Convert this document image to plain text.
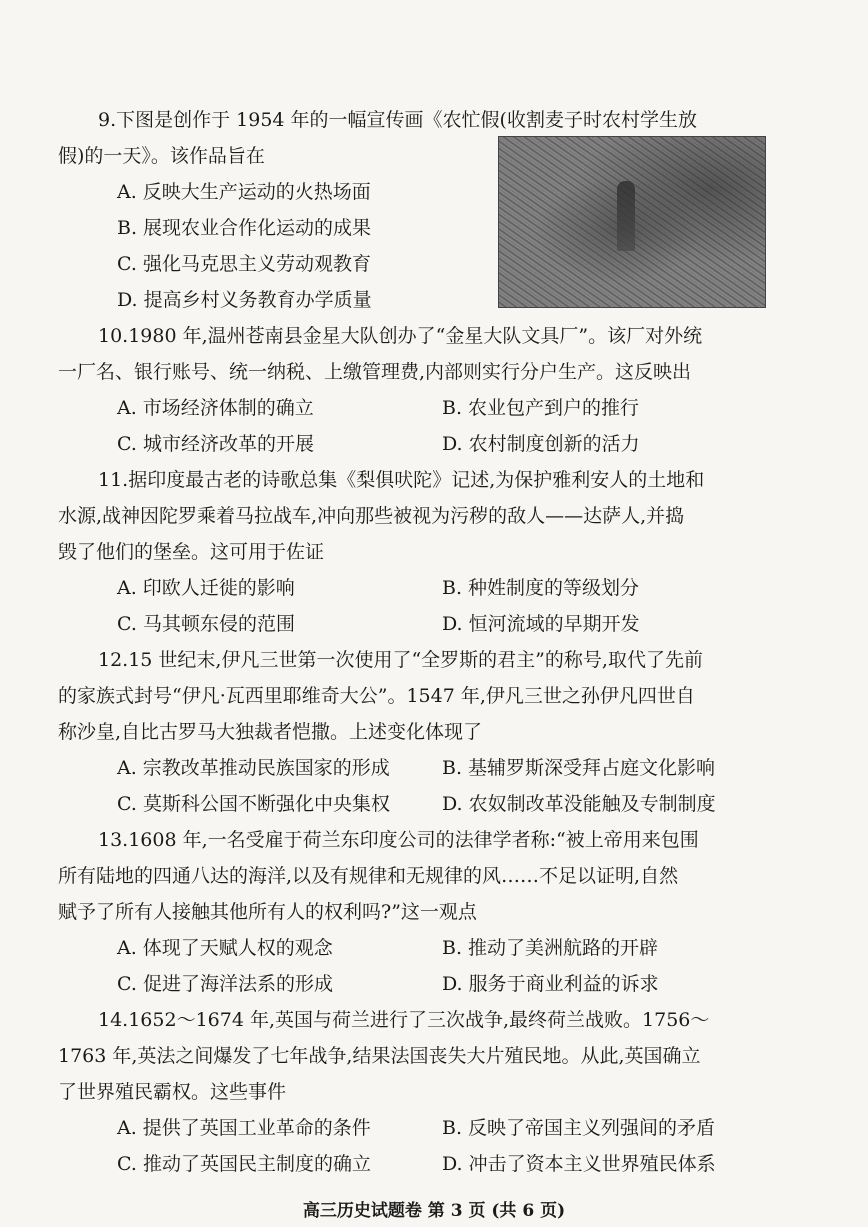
9.下图是创作于 1954 年的一幅宣传画《农忙假(收割麦子时农村学生放
假)的一天》。该作品旨在
A. 反映大生产运动的火热场面
B. 展现农业合作化运动的成果
C. 强化马克思主义劳动观教育
D. 提高乡村义务教育办学质量
10.1980 年,温州苍南县金星大队创办了“金星大队文具厂”。该厂对外统
一厂名、银行账号、统一纳税、上缴管理费,内部则实行分户生产。这反映出
A. 市场经济体制的确立	B. 农业包产到户的推行
C. 城市经济改革的开展	D. 农村制度创新的活力
11.据印度最古老的诗歌总集《梨俱吠陀》记述,为保护雅利安人的土地和
水源,战神因陀罗乘着马拉战车,冲向那些被视为污秽的敌人——达萨人,并捣
毁了他们的堡垒。这可用于佐证
A. 印欧人迁徙的影响	B. 种姓制度的等级划分
C. 马其顿东侵的范围	D. 恒河流域的早期开发
12.15 世纪末,伊凡三世第一次使用了“全罗斯的君主”的称号,取代了先前
的家族式封号“伊凡·瓦西里耶维奇大公”。1547 年,伊凡三世之孙伊凡四世自
称沙皇,自比古罗马大独裁者恺撒。上述变化体现了
A. 宗教改革推动民族国家的形成	B. 基辅罗斯深受拜占庭文化影响
C. 莫斯科公国不断强化中央集权	D. 农奴制改革没能触及专制制度
13.1608 年,一名受雇于荷兰东印度公司的法律学者称:“被上帝用来包围
所有陆地的四通八达的海洋,以及有规律和无规律的风……不足以证明,自然
赋予了所有人接触其他所有人的权利吗?”这一观点
A. 体现了天赋人权的观念	B. 推动了美洲航路的开辟
C. 促进了海洋法系的形成	D. 服务于商业利益的诉求
14.1652～1674 年,英国与荷兰进行了三次战争,最终荷兰战败。1756～
1763 年,英法之间爆发了七年战争,结果法国丧失大片殖民地。从此,英国确立
了世界殖民霸权。这些事件
A. 提供了英国工业革命的条件	B. 反映了帝国主义列强间的矛盾
C. 推动了英国民主制度的确立	D. 冲击了资本主义世界殖民体系
高三历史试题卷 第 3 页 (共 6 页)
